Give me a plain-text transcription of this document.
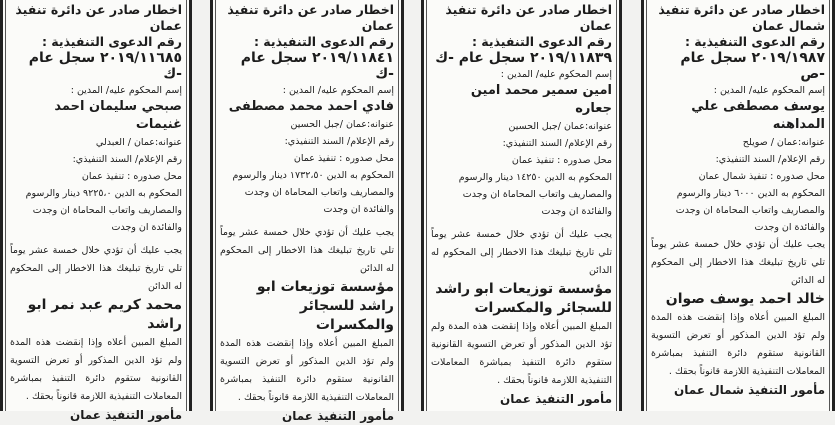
اخطار صادر عن دائرة تنفيذ عمان
رقم الدعوى التنفيذية :
٢٠١٩/١١٦٨٥ سجل عام -ك
إسم المحكوم عليه/ المدين :
صبحي سليمان احمد غنيمات
عنوانه:عمان / العبدلي
رقم الإعلام/ السند التنفيذي:
محل صدوره : تنفيذ عمان
المحكوم به الدين ٩٢٢٥،٠ دينار والرسوم
والمصاريف واتعاب المحاماة ان وجدت
والفائدة ان وجدت
يجب عليك أن تؤدي خلال خمسة عشر يوماً تلي تاريخ تبليغك هذا الاخطار إلى المحكوم له الدائن
محمد كريم عبد نمر ابو راشد
المبلغ المبين أعلاه وإذا إنقضت هذه المدة ولم تؤد الدين المذكور أو تعرض التسوية القانونية ستقوم دائرة التنفيذ بمباشرة المعاملات التنفيذية اللازمة قانوناً بحقك .
مأمور التنفيذ عمان
اخطار صادر عن دائرة تنفيذ عمان
رقم الدعوى التنفيذية :
٢٠١٩/١١٨٤١ سجل عام -ك
إسم المحكوم عليه/ المدين :
فادي احمد محمد مصطفى
عنوانه:عمان /جبل الحسين
رقم الإعلام/ السند التنفيذي:
محل صدوره : تنفيذ عمان
المحكوم به الدين ١٧٣٢،٥٠ دينار والرسوم
والمصاريف واتعاب المحاماة ان وجدت
والفائدة ان وجدت
يجب عليك أن تؤدي خلال خمسة عشر يوماً تلي تاريخ تبليغك هذا الاخطار إلى المحكوم له الدائن
مؤسسة توزيعات ابو راشد للسجائر والمكسرات
المبلغ المبين أعلاه وإذا إنقضت هذه المدة ولم تؤد الدين المذكور أو تعرض التسوية القانونية ستقوم دائرة التنفيذ بمباشرة المعاملات التنفيذية اللازمة قانوناً بحقك .
مأمور التنفيذ عمان
اخطار صادر عن دائرة تنفيذ عمان
رقم الدعوى التنفيذية :
٢٠١٩/١١٨٣٩ سجل عام -ك
إسم المحكوم عليه/ المدين :
امين سمير محمد امين جعاره
عنوانه:عمان /جبل الحسين
رقم الإعلام/ السند التنفيذي:
محل صدوره : تنفيذ عمان
المحكوم به الدين ١٤٢٥٠ دينار والرسوم
والمصاريف واتعاب المحاماة ان وجدت
والفائدة ان وجدت
يجب عليك أن تؤدي خلال خمسة عشر يوماً تلي تاريخ تبليغك هذا الاخطار إلى المحكوم له الدائن
مؤسسة توزيعات ابو راشد للسجائر والمكسرات
المبلغ المبين أعلاه وإذا إنقضت هذه المدة ولم تؤد الدين المذكور أو تعرض التسوية القانونية ستقوم دائرة التنفيذ بمباشرة المعاملات التنفيذية اللازمة قانوناً بحقك .
مأمور التنفيذ عمان
اخطار صادر عن دائرة تنفيذ
شمال عمان
رقم الدعوى التنفيذية :
٢٠١٩/١٩٨٧ سجل عام -ص
إسم المحكوم عليه/ المدين :
يوسف مصطفى علي المداهنه
عنوانه:عمان / صويلح
رقم الإعلام/ السند التنفيذي:
محل صدوره : تنفيذ شمال عمان
المحكوم به الدين ٦٠٠٠ دينار والرسوم
والمصاريف واتعاب المحاماة ان وجدت
والفائدة ان وجدت
يجب عليك أن تؤدي خلال خمسة عشر يوماً تلي تاريخ تبليغك هذا الاخطار إلى المحكوم له الدائن
خالد احمد يوسف صوان
المبلغ المبين أعلاه وإذا إنقضت هذه المدة ولم تؤد الدين المذكور أو تعرض التسوية القانونية ستقوم دائرة التنفيذ بمباشرة المعاملات التنفيذية اللازمة قانوناً بحقك .
مأمور التنفيذ شمال عمان
